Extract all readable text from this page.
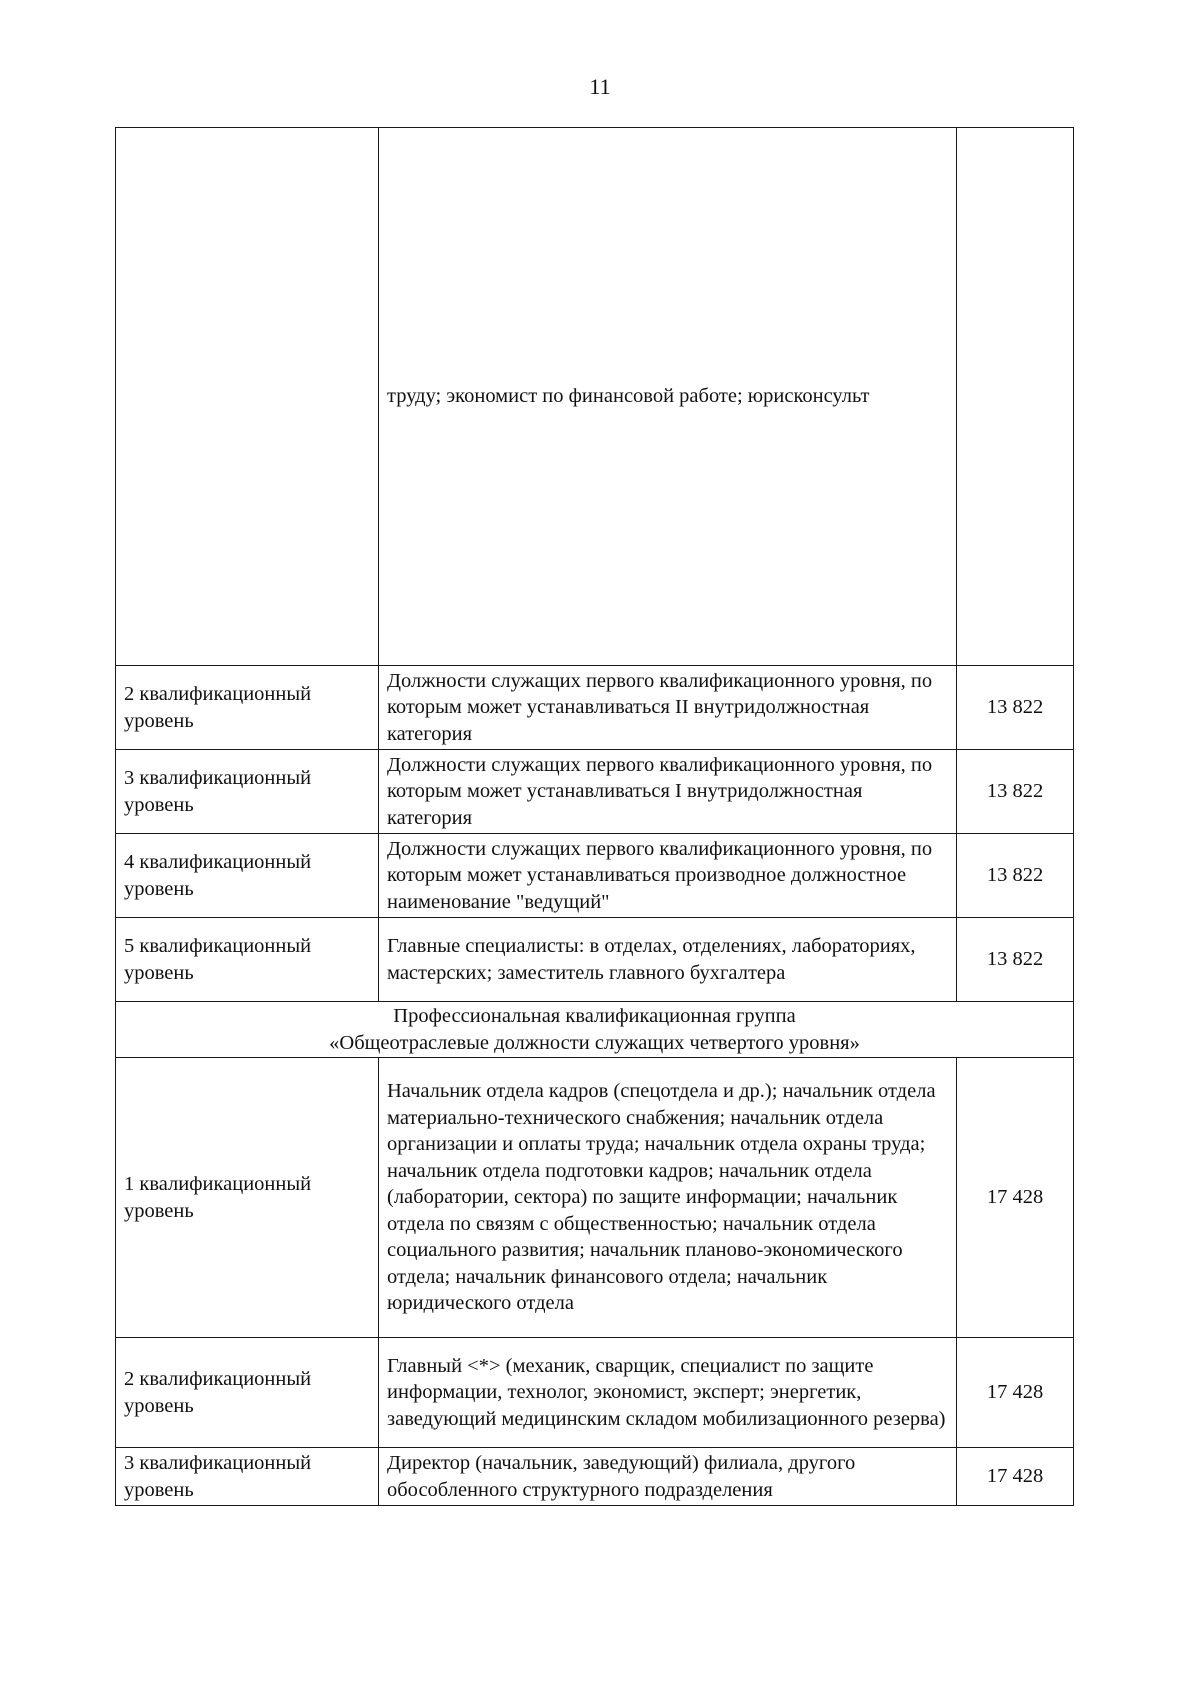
11
	труду; экономист по финансовой работе; юрисконсульт	
2 квалификационный уровень	Должности служащих первого квалификационного уровня, по которым может устанавливаться II внутридолжностная категория	13 822
3 квалификационный уровень	Должности служащих первого квалификационного уровня, по которым может устанавливаться I внутридолжностная категория	13 822
4 квалификационный уровень	Должности служащих первого квалификационного уровня, по которым может устанавливаться производное должностное наименование "ведущий"	13 822
5 квалификационный уровень	Главные специалисты: в отделах, отделениях, лабораториях, мастерских; заместитель главного бухгалтера	13 822

Профессиональная квалификационная группа
«Общеотраслевые должности служащих четвертого уровня»		

1 квалификационный уровень	Начальник отдела кадров (спецотдела и др.); начальник отдела материально-технического снабжения; начальник отдела организации и оплаты труда; начальник отдела охраны труда; начальник отдела подготовки кадров; начальник отдела (лаборатории, сектора) по защите информации; начальник отдела по связям с общественностью; начальник отдела социального развития; начальник планово-экономического отдела; начальник финансового отдела; начальник юридического отдела	17 428
2 квалификационный уровень	Главный <*> (механик, сварщик, специалист по защите информации, технолог, экономист, эксперт; энергетик, заведующий медицинским складом мобилизационного резерва)	17 428
3 квалификационный уровень	Директор (начальник, заведующий) филиала, другого обособленного структурного подразделения	17 428
